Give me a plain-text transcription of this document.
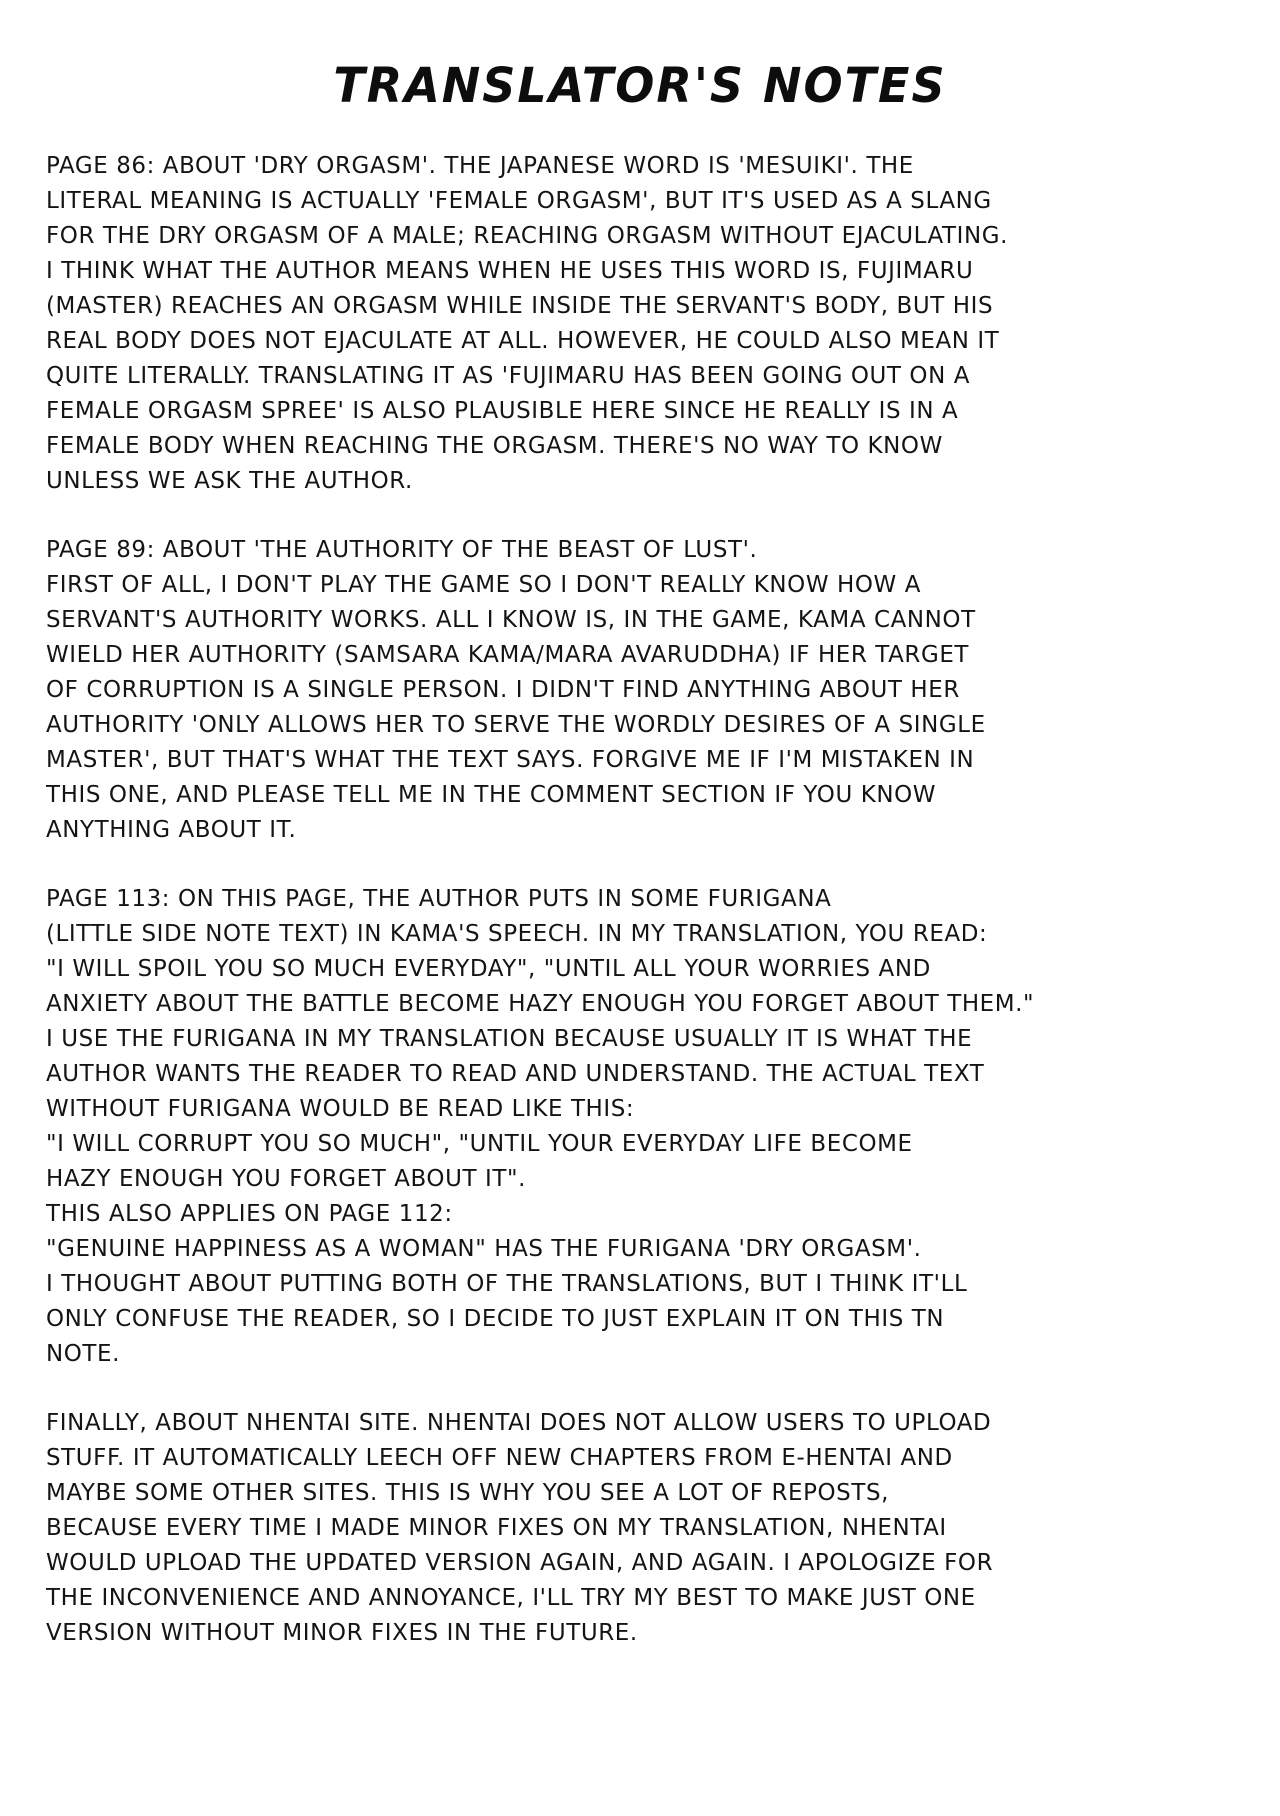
TRANSLATOR'S NOTES
PAGE 86: ABOUT 'DRY ORGASM'. THE JAPANESE WORD IS 'MESUIKI'. THE
LITERAL MEANING IS ACTUALLY 'FEMALE ORGASM', BUT IT'S USED AS A SLANG
FOR THE DRY ORGASM OF A MALE; REACHING ORGASM WITHOUT EJACULATING.
I THINK WHAT THE AUTHOR MEANS WHEN HE USES THIS WORD IS, FUJIMARU
(MASTER) REACHES AN ORGASM WHILE INSIDE THE SERVANT'S BODY, BUT HIS
REAL BODY DOES NOT EJACULATE AT ALL. HOWEVER, HE COULD ALSO MEAN IT
QUITE LITERALLY. TRANSLATING IT AS 'FUJIMARU HAS BEEN GOING OUT ON A
FEMALE ORGASM SPREE' IS ALSO PLAUSIBLE HERE SINCE HE REALLY IS IN A
FEMALE BODY WHEN REACHING THE ORGASM. THERE'S NO WAY TO KNOW
UNLESS WE ASK THE AUTHOR.
PAGE 89: ABOUT 'THE AUTHORITY OF THE BEAST OF LUST'.
FIRST OF ALL, I DON'T PLAY THE GAME SO I DON'T REALLY KNOW HOW A
SERVANT'S AUTHORITY WORKS. ALL I KNOW IS, IN THE GAME, KAMA CANNOT
WIELD HER AUTHORITY (SAMSARA KAMA/MARA AVARUDDHA) IF HER TARGET
OF CORRUPTION IS A SINGLE PERSON. I DIDN'T FIND ANYTHING ABOUT HER
AUTHORITY 'ONLY ALLOWS HER TO SERVE THE WORDLY DESIRES OF A SINGLE
MASTER', BUT THAT'S WHAT THE TEXT SAYS. FORGIVE ME IF I'M MISTAKEN IN
THIS ONE, AND PLEASE TELL ME IN THE COMMENT SECTION IF YOU KNOW
ANYTHING ABOUT IT.
PAGE 113: ON THIS PAGE, THE AUTHOR PUTS IN SOME FURIGANA
(LITTLE SIDE NOTE TEXT) IN KAMA'S SPEECH. IN MY TRANSLATION, YOU READ:
"I WILL SPOIL YOU SO MUCH EVERYDAY", "UNTIL ALL YOUR WORRIES AND
ANXIETY ABOUT THE BATTLE BECOME HAZY ENOUGH YOU FORGET ABOUT THEM."
I USE THE FURIGANA IN MY TRANSLATION BECAUSE USUALLY IT IS WHAT THE
AUTHOR WANTS THE READER TO READ AND UNDERSTAND. THE ACTUAL TEXT
WITHOUT FURIGANA WOULD BE READ LIKE THIS:
"I WILL CORRUPT YOU SO MUCH", "UNTIL YOUR EVERYDAY LIFE BECOME
HAZY ENOUGH YOU FORGET ABOUT IT".
THIS ALSO APPLIES ON PAGE 112:
"GENUINE HAPPINESS AS A WOMAN" HAS THE FURIGANA 'DRY ORGASM'.
I THOUGHT ABOUT PUTTING BOTH OF THE TRANSLATIONS, BUT I THINK IT'LL
ONLY CONFUSE THE READER, SO I DECIDE TO JUST EXPLAIN IT ON THIS TN
NOTE.
FINALLY, ABOUT NHENTAI SITE. NHENTAI DOES NOT ALLOW USERS TO UPLOAD
STUFF. IT AUTOMATICALLY LEECH OFF NEW CHAPTERS FROM E-HENTAI AND
MAYBE SOME OTHER SITES. THIS IS WHY YOU SEE A LOT OF REPOSTS,
BECAUSE EVERY TIME I MADE MINOR FIXES ON MY TRANSLATION, NHENTAI
WOULD UPLOAD THE UPDATED VERSION AGAIN, AND AGAIN. I APOLOGIZE FOR
THE INCONVENIENCE AND ANNOYANCE, I'LL TRY MY BEST TO MAKE JUST ONE
VERSION WITHOUT MINOR FIXES IN THE FUTURE.
